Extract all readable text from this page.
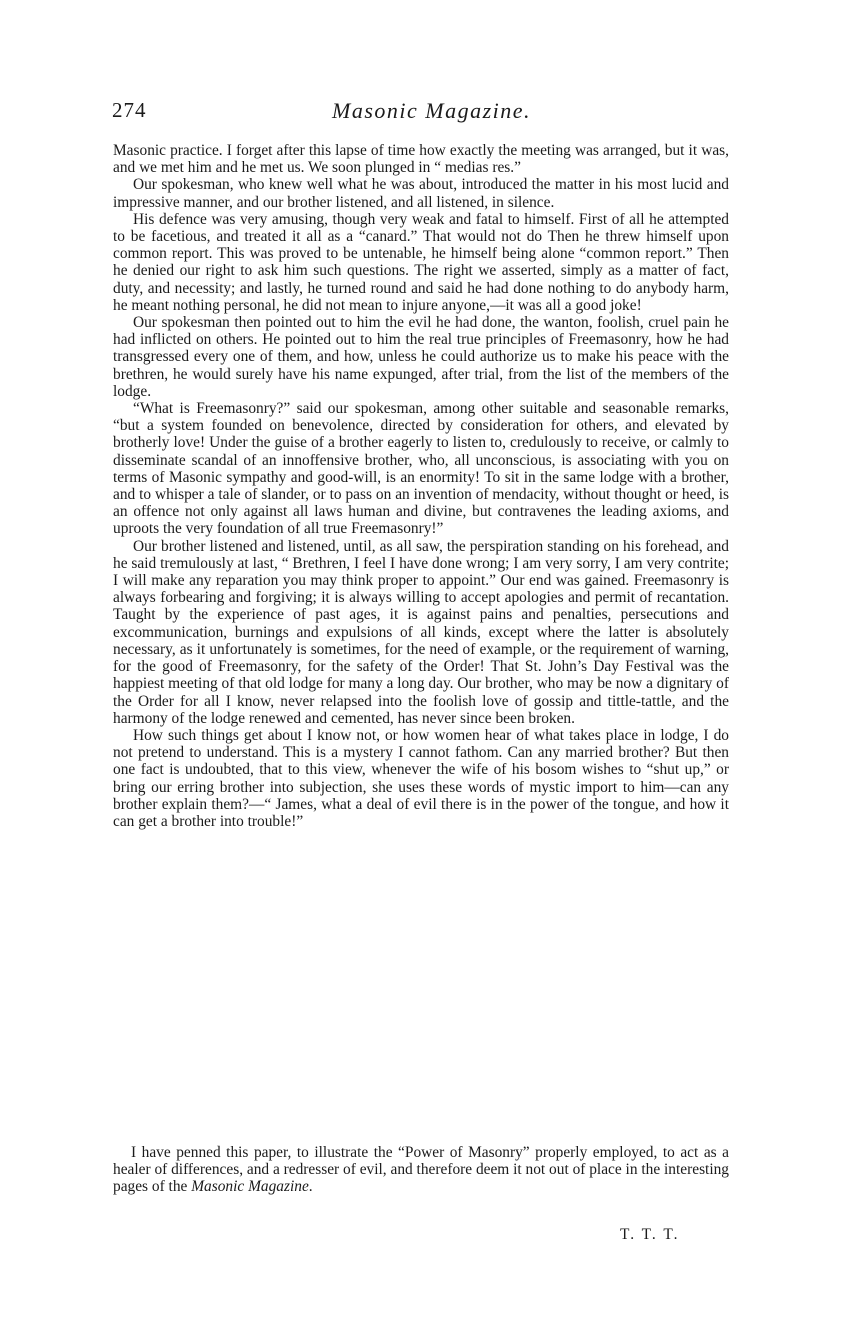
274	Masonic Magazine.

Masonic practice. I forget after this lapse of time how exactly the meeting was arranged, but it was, and we met him and he met us. We soon plunged in “ medias res.”

Our spokesman, who knew well what he was about, introduced the matter in his most lucid and impressive manner, and our brother listened, and all listened, in silence.

His defence was very amusing, though very weak and fatal to himself. First of all he attempted to be facetious, and treated it all as a “canard.” That would not do Then he threw himself upon common report. This was proved to be untenable, he himself being alone “common report.” Then he denied our right to ask him such questions. The right we asserted, simply as a matter of fact, duty, and necessity; and lastly, he turned round and said he had done nothing to do anybody harm, he meant nothing personal, he did not mean to injure anyone,—it was all a good joke!

Our spokesman then pointed out to him the evil he had done, the wanton, foolish, cruel pain he had inflicted on others. He pointed out to him the real true principles of Freemasonry, how he had transgressed every one of them, and how, unless he could authorize us to make his peace with the brethren, he would surely have his name expunged, after trial, from the list of the members of the lodge.

“What is Freemasonry?” said our spokesman, among other suitable and seasonable remarks, “but a system founded on benevolence, directed by consideration for others, and elevated by brotherly love! Under the guise of a brother eagerly to listen to, credulously to receive, or calmly to disseminate scandal of an innoffensive brother, who, all unconscious, is associating with you on terms of Masonic sympathy and good-will, is an enormity! To sit in the same lodge with a brother, and to whisper a tale of slander, or to pass on an invention of mendacity, without thought or heed, is an offence not only against all laws human and divine, but contravenes the leading axioms, and uproots the very foundation of all true Freemasonry!”

Our brother listened and listened, until, as all saw, the perspiration standing on his forehead, and he said tremulously at last, “ Brethren, I feel I have done wrong; I am very sorry, I am very contrite; I will make any reparation you may think proper to appoint.” Our end was gained. Freemasonry is always forbearing and forgiving; it is always willing to accept apologies and permit of recantation. Taught by the experience of past ages, it is against pains and penalties, persecutions and excommunication, burnings and expulsions of all kinds, except where the latter is absolutely necessary, as it unfortunately is sometimes, for the need of example, or the requirement of warning, for the good of Freemasonry, for the safety of the Order! That St. John’s Day Festival was the happiest meeting of that old lodge for many a long day. Our brother, who may be now a dignitary of the Order for all I know, never relapsed into the foolish love of gossip and tittle-tattle, and the harmony of the lodge renewed and cemented, has never since been broken.

How such things get about I know not, or how women hear of what takes place in lodge, I do not pretend to understand. This is a mystery I cannot fathom. Can any married brother? But then one fact is undoubted, that to this view, whenever the wife of his bosom wishes to “shut up,” or bring our erring brother into subjection, she uses these words of mystic import to him—can any brother explain them?—“ James, what a deal of evil there is in the power of the tongue, and how it can get a brother into trouble!”

I have penned this paper, to illustrate the “Power of Masonry” properly employed, to act as a healer of differences, and a redresser of evil, and therefore deem it not out of place in the interesting pages of the Masonic Magazine.

T. T. T.
